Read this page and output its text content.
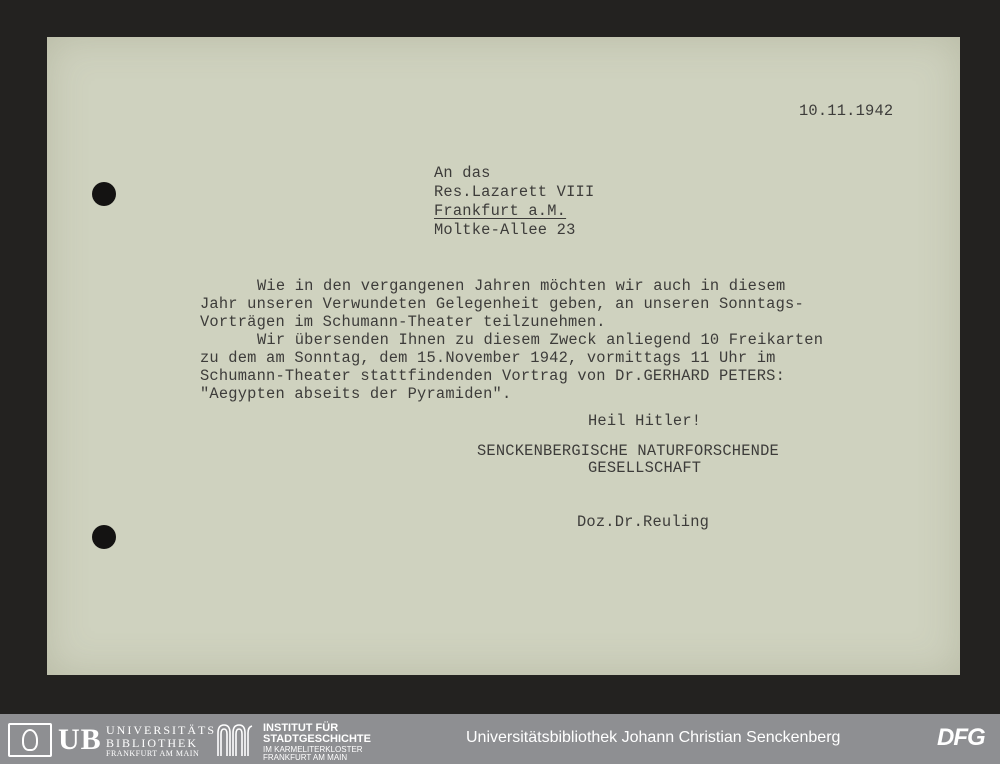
10.11.1942
An das
Res.Lazarett VIII
Frankfurt a.M.
Moltke-Allee 23
Wie in den vergangenen Jahren möchten wir auch in diesem
Jahr unseren Verwundeten Gelegenheit geben, an unseren Sonntags-
Vorträgen im Schumann-Theater teilzunehmen.
Wir übersenden Ihnen zu diesem Zweck anliegend 10 Freikarten
zu dem am Sonntag, dem 15.November 1942, vormittags 11 Uhr im
Schumann-Theater stattfindenden Vortrag von Dr.GERHARD PETERS:
"Aegypten abseits der Pyramiden".
Heil Hitler!
SENCKENBERGISCHE NATURFORSCHENDE
GESELLSCHAFT
Doz.Dr.Reuling
UB UNIVERSITÄTS
BIBLIOTHEK
FRANKFURT AM MAIN
INSTITUT FÜR
STADTGESCHICHTE
IM KARMELITERKLOSTER
FRANKFURT AM MAIN
Universitätsbibliothek Johann Christian Senckenberg	DFG
